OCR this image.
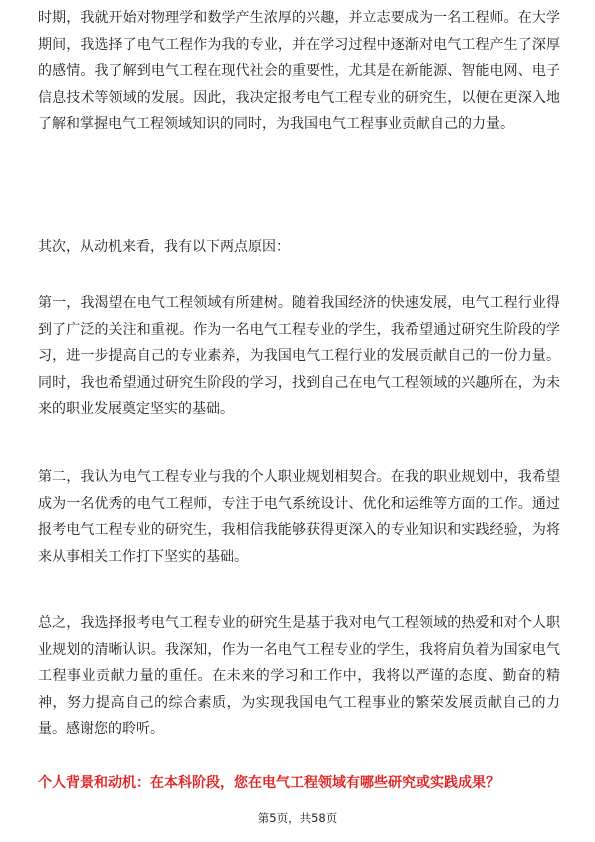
时期，我就开始对物理学和数学产生浓厚的兴趣，并立志要成为一名工程师。在大学期间，我选择了电气工程作为我的专业，并在学习过程中逐渐对电气工程产生了深厚的感情。我了解到电气工程在现代社会的重要性，尤其是在新能源、智能电网、电子信息技术等领域的发展。因此，我决定报考电气工程专业的研究生，以便在更深入地了解和掌握电气工程领域知识的同时，为我国电气工程事业贡献自己的力量。

其次，从动机来看，我有以下两点原因：

第一，我渴望在电气工程领域有所建树。随着我国经济的快速发展，电气工程行业得到了广泛的关注和重视。作为一名电气工程专业的学生，我希望通过研究生阶段的学习，进一步提高自己的专业素养，为我国电气工程行业的发展贡献自己的一份力量。同时，我也希望通过研究生阶段的学习，找到自己在电气工程领域的兴趣所在，为未来的职业发展奠定坚实的基础。

第二，我认为电气工程专业与我的个人职业规划相契合。在我的职业规划中，我希望成为一名优秀的电气工程师，专注于电气系统设计、优化和运维等方面的工作。通过报考电气工程专业的研究生，我相信我能够获得更深入的专业知识和实践经验，为将来从事相关工作打下坚实的基础。

总之，我选择报考电气工程专业的研究生是基于我对电气工程领域的热爱和对个人职业规划的清晰认识。我深知，作为一名电气工程专业的学生，我将肩负着为国家电气工程事业贡献力量的重任。在未来的学习和工作中，我将以严谨的态度、勤奋的精神，努力提高自己的综合素质，为实现我国电气工程事业的繁荣发展贡献自己的力量。感谢您的聆听。

个人背景和动机：在本科阶段，您在电气工程领域有哪些研究或实践成果？

第5页，共58页
